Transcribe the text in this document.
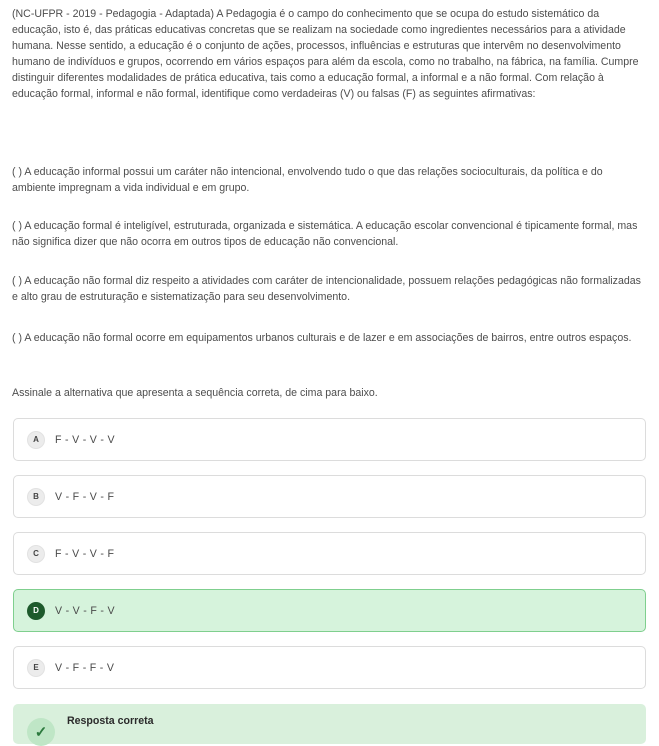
(NC-UFPR - 2019 - Pedagogia - Adaptada) A Pedagogia é o campo do conhecimento que se ocupa do estudo sistemático da educação, isto é, das práticas educativas concretas que se realizam na sociedade como ingredientes necessários para a atividade humana. Nesse sentido, a educação é o conjunto de ações, processos, influências e estruturas que intervêm no desenvolvimento humano de indivíduos e grupos, ocorrendo em vários espaços para além da escola, como no trabalho, na fábrica, na família. Cumpre distinguir diferentes modalidades de prática educativa, tais como a educação formal, a informal e a não formal. Com relação à educação formal, informal e não formal, identifique como verdadeiras (V) ou falsas (F) as seguintes afirmativas:

( ) A educação informal possui um caráter não intencional, envolvendo tudo o que das relações socioculturais, da política e do ambiente impregnam a vida individual e em grupo.

( ) A educação formal é inteligível, estruturada, organizada e sistemática. A educação escolar convencional é tipicamente formal, mas não significa dizer que não ocorra em outros tipos de educação não convencional.

( ) A educação não formal diz respeito a atividades com caráter de intencionalidade, possuem relações pedagógicas não formalizadas e alto grau de estruturação e sistematização para seu desenvolvimento.

( ) A educação não formal ocorre em equipamentos urbanos culturais e de lazer e em associações de bairros, entre outros espaços.

Assinale a alternativa que apresenta a sequência correta, de cima para baixo.

A	F - V - V - V
B	V - F - V - F
C	F - V - V - F
D	V - V - F - V
E	V - F - F - V
✓
Resposta correta
